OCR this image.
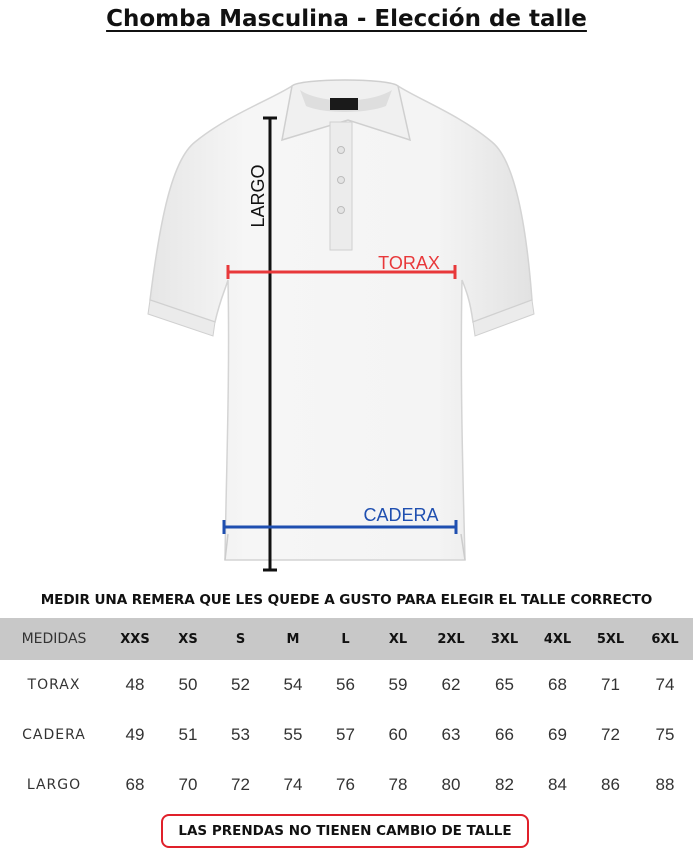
Chomba Masculina - Elección de talle
LARGO
TORAX
CADERA
MEDIR UNA REMERA QUE LES QUEDE A GUSTO PARA ELEGIR EL TALLE CORRECTO
MEDIDAS	XXS	XS	S	M	L	XL	2XL	3XL	4XL	5XL	6XL
TORAX	48	50	52	54	56	59	62	65	68	71	74
CADERA	49	51	53	55	57	60	63	66	69	72	75
LARGO	68	70	72	74	76	78	80	82	84	86	88
LAS PRENDAS NO TIENEN CAMBIO DE TALLE
